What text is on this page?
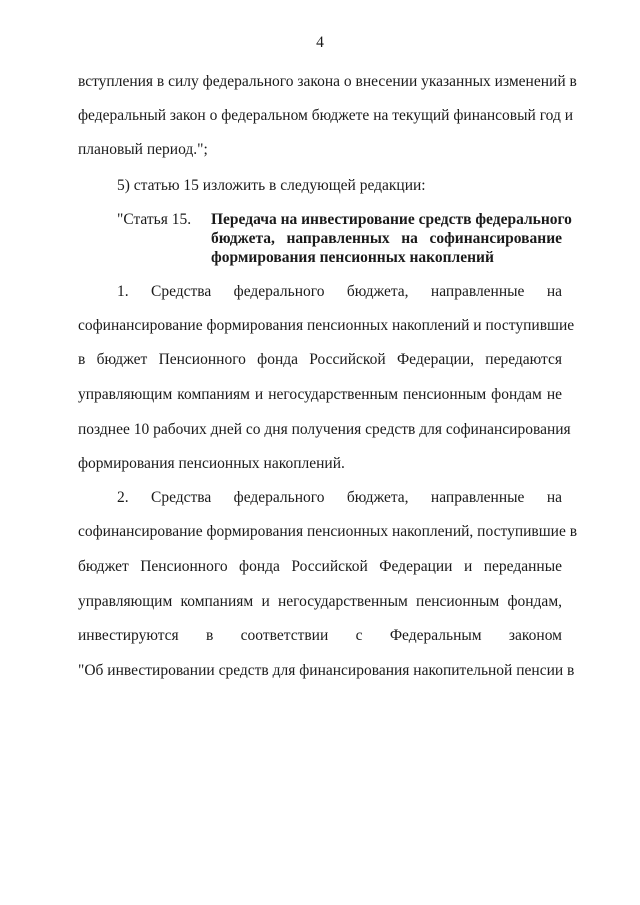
4
вступления в силу федерального закона о внесении указанных изменений в
федеральный закон о федеральном бюджете на текущий финансовый год и
плановый период.";
5) статью 15 изложить в следующей редакции:
"Статья 15. Передача на инвестирование средств федерального
бюджета, направленных на софинансирование
формирования пенсионных накоплений
1. Средства федерального бюджета, направленные на
софинансирование формирования пенсионных накоплений и поступившие
в бюджет Пенсионного фонда Российской Федерации, передаются
управляющим компаниям и негосударственным пенсионным фондам не
позднее 10 рабочих дней со дня получения средств для софинансирования
формирования пенсионных накоплений.
2. Средства федерального бюджета, направленные на
софинансирование формирования пенсионных накоплений, поступившие в
бюджет Пенсионного фонда Российской Федерации и переданные
управляющим компаниям и негосударственным пенсионным фондам,
инвестируются в соответствии с Федеральным законом
"Об инвестировании средств для финансирования накопительной пенсии в
